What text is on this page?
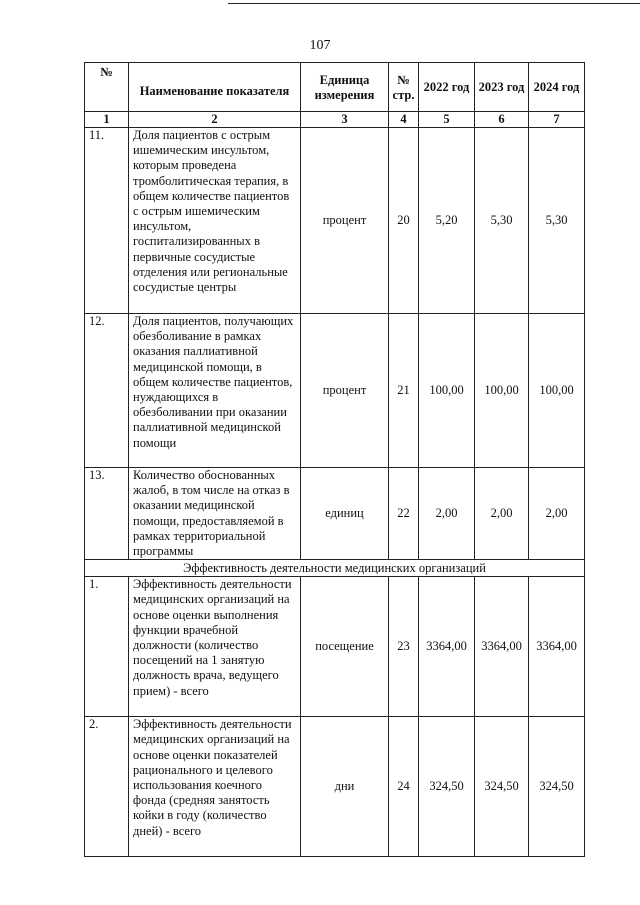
107
№	Наименование показателя	Единица измерения	№ стр.	2022 год	2023 год	2024 год
1	2	3	4	5	6	7
11.	Доля пациентов с острым ишемическим инсультом, которым проведена тромболитическая терапия, в общем количестве пациентов с острым ишемическим инсультом, госпитализированных в первичные сосудистые отделения или региональные сосудистые центры	процент	20	5,20	5,30	5,30
12.	Доля пациентов, получающих обезболивание в рамках оказания паллиативной медицинской помощи, в общем количестве пациентов, нуждающихся в обезболивании при оказании паллиативной медицинской помощи	процент	21	100,00	100,00	100,00
13.	Количество обоснованных жалоб, в том числе на отказ в оказании медицинской помощи, предоставляемой в рамках территориальной программы	единиц	22	2,00	2,00	2,00
Эффективность деятельности медицинских организаций						
1.	Эффективность деятельности медицинских организаций на основе оценки выполнения функции врачебной должности (количество посещений на 1 занятую должность врача, ведущего прием) - всего	посещение	23	3364,00	3364,00	3364,00
2.	Эффективность деятельности медицинских организаций на основе оценки показателей рационального и целевого использования коечного фонда (средняя занятость койки в году (количество дней) - всего	дни	24	324,50	324,50	324,50
